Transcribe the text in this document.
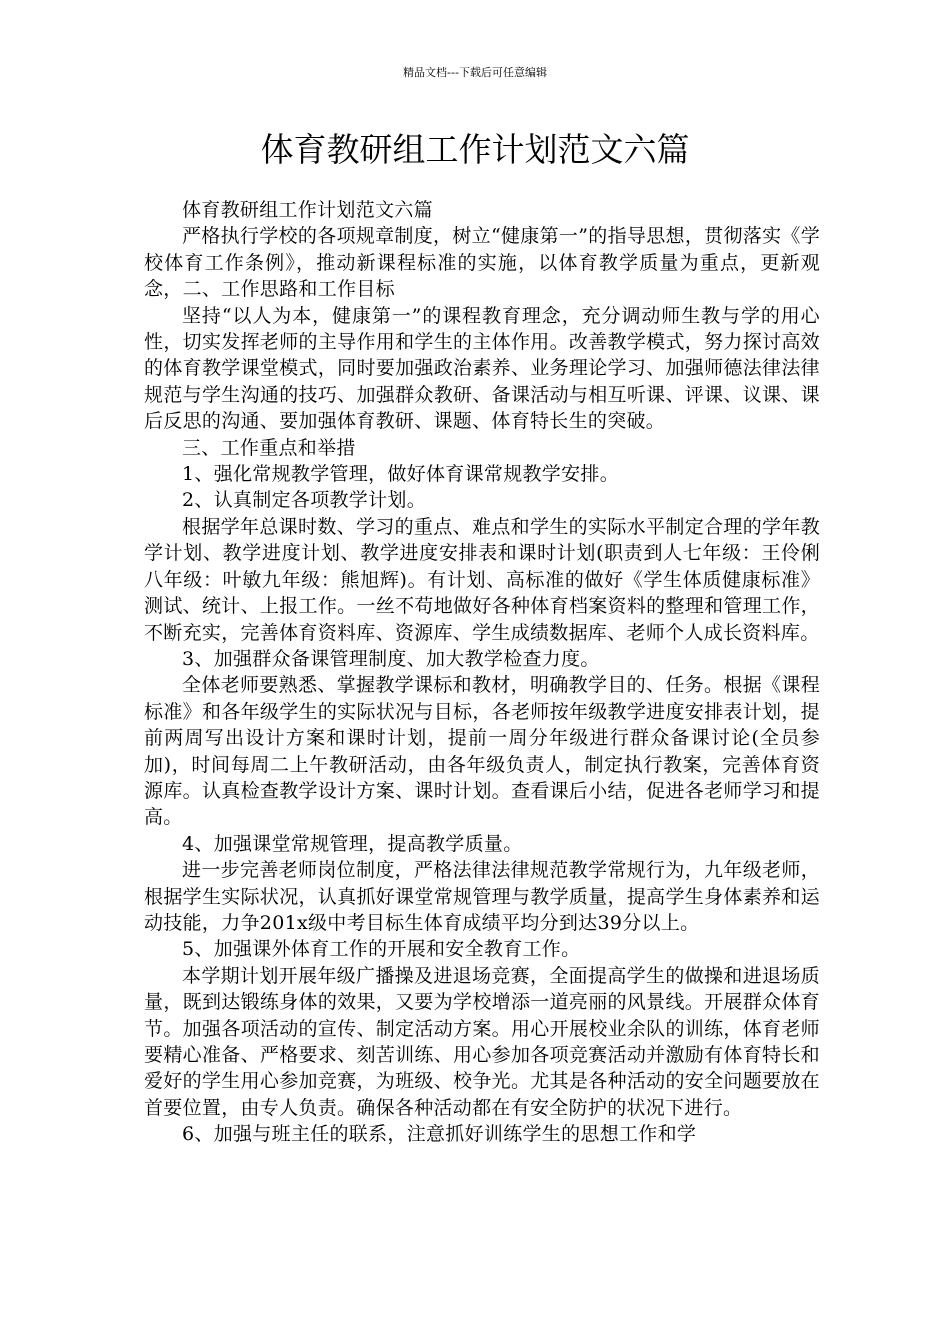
精品文档---下载后可任意编辑
体育教研组工作计划范文六篇

体育教研组工作计划范文六篇

严格执行学校的各项规章制度，树立“健康第一”的指导思想，贯彻落实《学校体育工作条例》，推动新课程标准的实施，以体育教学质量为重点，更新观念，二、工作思路和工作目标

坚持“以人为本，健康第一”的课程教育理念，充分调动师生教与学的用心性，切实发挥老师的主导作用和学生的主体作用。改善教学模式，努力探讨高效的体育教学课堂模式，同时要加强政治素养、业务理论学习、加强师德法律法律规范与学生沟通的技巧、加强群众教研、备课活动与相互听课、评课、议课、课后反思的沟通、要加强体育教研、课题、体育特长生的突破。

三、工作重点和举措

1、强化常规教学管理，做好体育课常规教学安排。

2、认真制定各项教学计划。

根据学年总课时数、学习的重点、难点和学生的实际水平制定合理的学年教学计划、教学进度计划、教学进度安排表和课时计划(职责到人七年级：王伶俐八年级：叶敏九年级：熊旭辉)。有计划、高标准的做好《学生体质健康标准》测试、统计、上报工作。一丝不苟地做好各种体育档案资料的整理和管理工作，不断充实，完善体育资料库、资源库、学生成绩数据库、老师个人成长资料库。

3、加强群众备课管理制度、加大教学检查力度。

全体老师要熟悉、掌握教学课标和教材，明确教学目的、任务。根据《课程标准》和各年级学生的实际状况与目标，各老师按年级教学进度安排表计划，提前两周写出设计方案和课时计划，提前一周分年级进行群众备课讨论(全员参加)，时间每周二上午教研活动，由各年级负责人，制定执行教案，完善体育资源库。认真检查教学设计方案、课时计划。查看课后小结，促进各老师学习和提高。

4、加强课堂常规管理，提高教学质量。

进一步完善老师岗位制度，严格法律法律规范教学常规行为，九年级老师，根据学生实际状况，认真抓好课堂常规管理与教学质量，提高学生身体素养和运动技能，力争201x级中考目标生体育成绩平均分到达39分以上。

5、加强课外体育工作的开展和安全教育工作。

本学期计划开展年级广播操及进退场竞赛，全面提高学生的做操和进退场质量，既到达锻练身体的效果，又要为学校增添一道亮丽的风景线。开展群众体育节。加强各项活动的宣传、制定活动方案。用心开展校业余队的训练，体育老师要精心准备、严格要求、刻苦训练、用心参加各项竞赛活动并激励有体育特长和爱好的学生用心参加竞赛，为班级、校争光。尤其是各种活动的安全问题要放在首要位置，由专人负责。确保各种活动都在有安全防护的状况下进行。

6、加强与班主任的联系，注意抓好训练学生的思想工作和学
